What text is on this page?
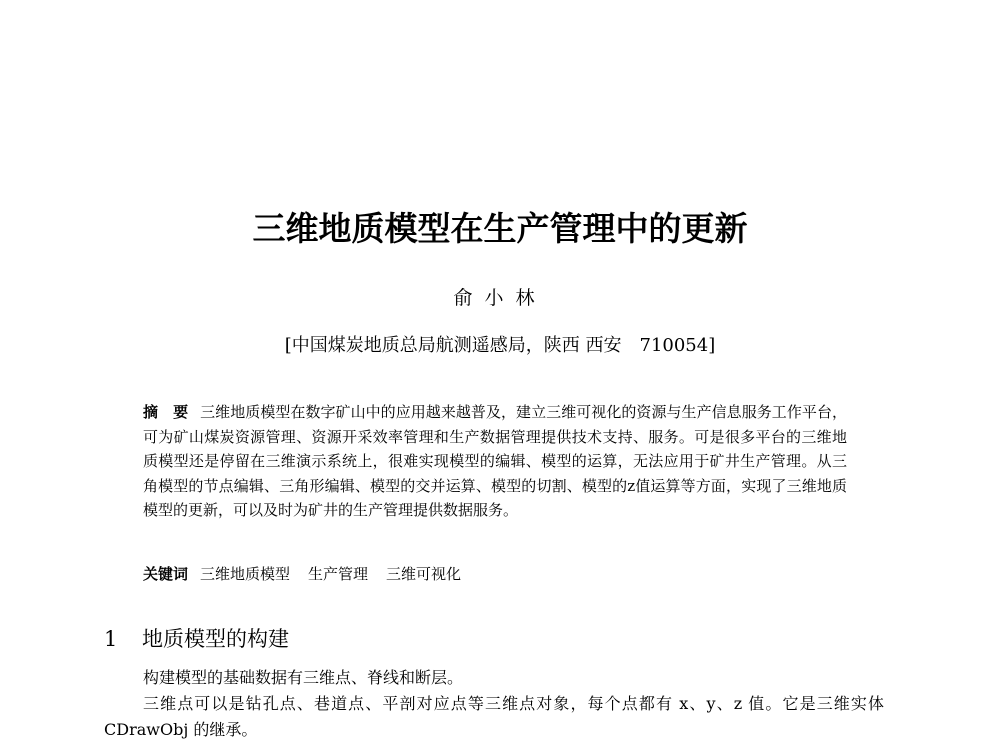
三维地质模型在生产管理中的更新
俞小林
[中国煤炭地质总局航测遥感局，陕西 西安　710054]
摘　要 三维地质模型在数字矿山中的应用越来越普及，建立三维可视化的资源与生产信息服务工作平台，可为矿山煤炭资源管理、资源开采效率管理和生产数据管理提供技术支持、服务。可是很多平台的三维地质模型还是停留在三维演示系统上，很难实现模型的编辑、模型的运算，无法应用于矿井生产管理。从三角模型的节点编辑、三角形编辑、模型的交并运算、模型的切割、模型的z值运算等方面，实现了三维地质模型的更新，可以及时为矿井的生产管理提供数据服务。
关键词 三维地质模型 生产管理 三维可视化
1 地质模型的构建

构建模型的基础数据有三维点、脊线和断层。

三维点可以是钻孔点、巷道点、平剖对应点等三维点对象，每个点都有 x、y、z 值。它是三维实体 CDrawObj 的继承。
